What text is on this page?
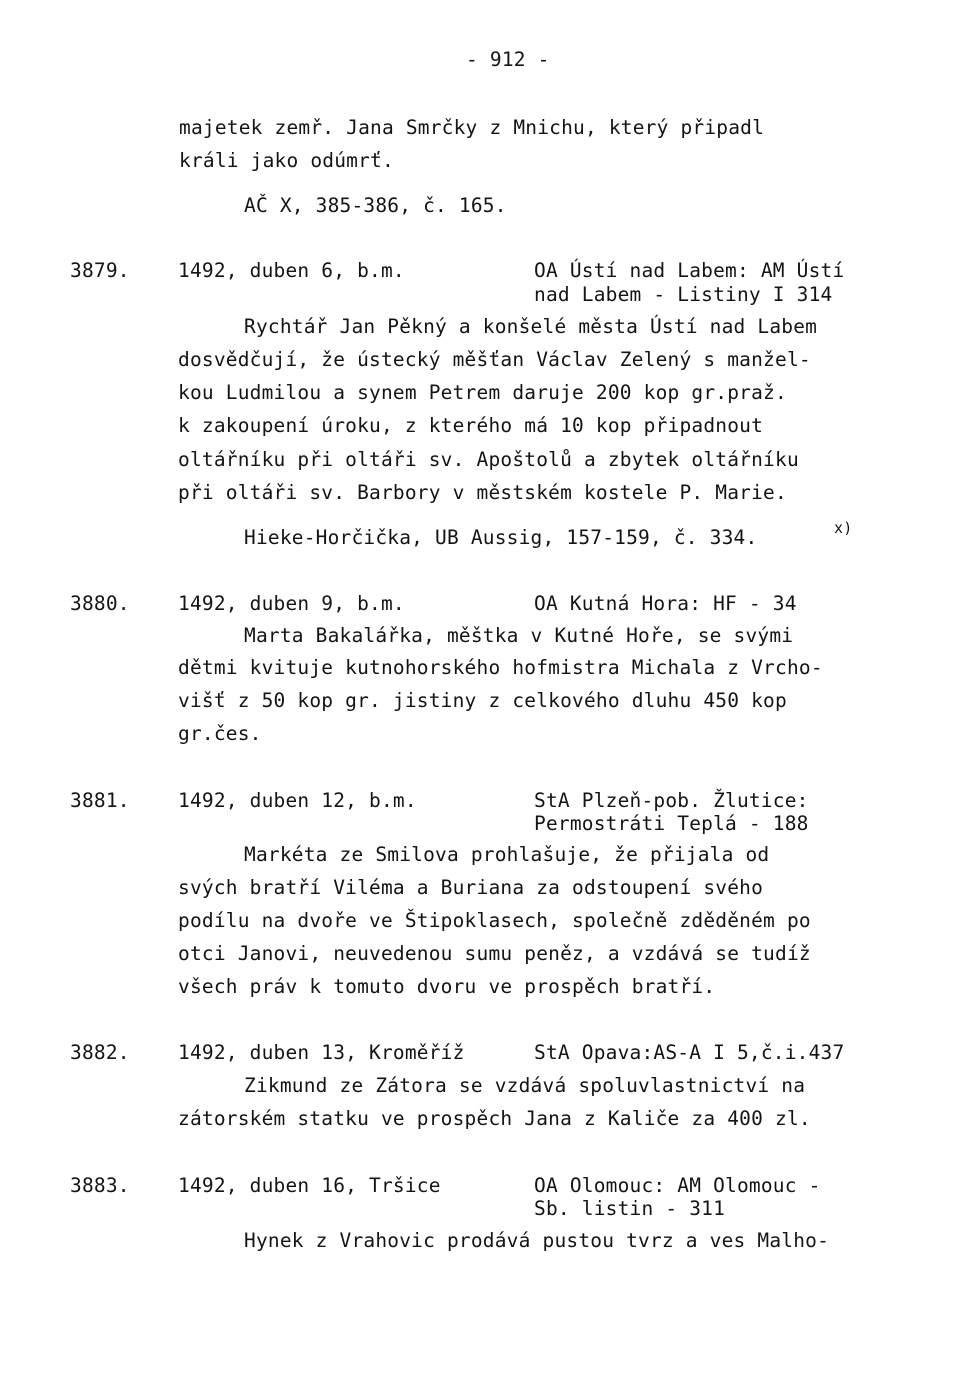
- 912 -
majetek zemř. Jana Smrčky z Mnichu, který připadl
králi jako odúmrť.
AČ X, 385-386, č. 165.
3879. 1492, duben 6, b.m.	OA Ústí nad Labem: AM Ústí
nad Labem - Listiny I 314
Rychtář Jan Pěkný a konšelé města Ústí nad Labem
dosvědčují, že ústecký měšťan Václav Zelený s manžel-
kou Ludmilou a synem Petrem daruje 200 kop gr.praž.
k zakoupení úroku, z kterého má 10 kop připadnout
oltářníku při oltáři sv. Apoštolů a zbytek oltářníku
při oltáři sv. Barbory v městském kostele P. Marie.
Hieke-Horčička, UB Aussig, 157-159, č. 334.	x)
3880. 1492, duben 9, b.m.	OA Kutná Hora: HF - 34
Marta Bakalářka, měštka v Kutné Hoře, se svými
dětmi kvituje kutnohorského hofmistra Michala z Vrcho-
višť z 50 kop gr. jistiny z celkového dluhu 450 kop
gr.čes.
3881. 1492, duben 12, b.m.	StA Plzeň-pob. Žlutice:
Permostráti Teplá - 188
Markéta ze Smilova prohlašuje, že přijala od
svých bratří Viléma a Buriana za odstoupení svého
podílu na dvoře ve Štipoklasech, společně zděděném po
otci Janovi, neuvedenou sumu peněz, a vzdává se tudíž
všech práv k tomuto dvoru ve prospěch bratří.
3882. 1492, duben 13, Kroměříž	StA Opava:AS-A I 5,č.i.437
Zikmund ze Zátora se vzdává spoluvlastnictví na
zátorském statku ve prospěch Jana z Kaliče za 400 zl.
3883. 1492, duben 16, Tršice	OA Olomouc: AM Olomouc -
Sb. listin - 311
Hynek z Vrahovic prodává pustou tvrz a ves Malho-
